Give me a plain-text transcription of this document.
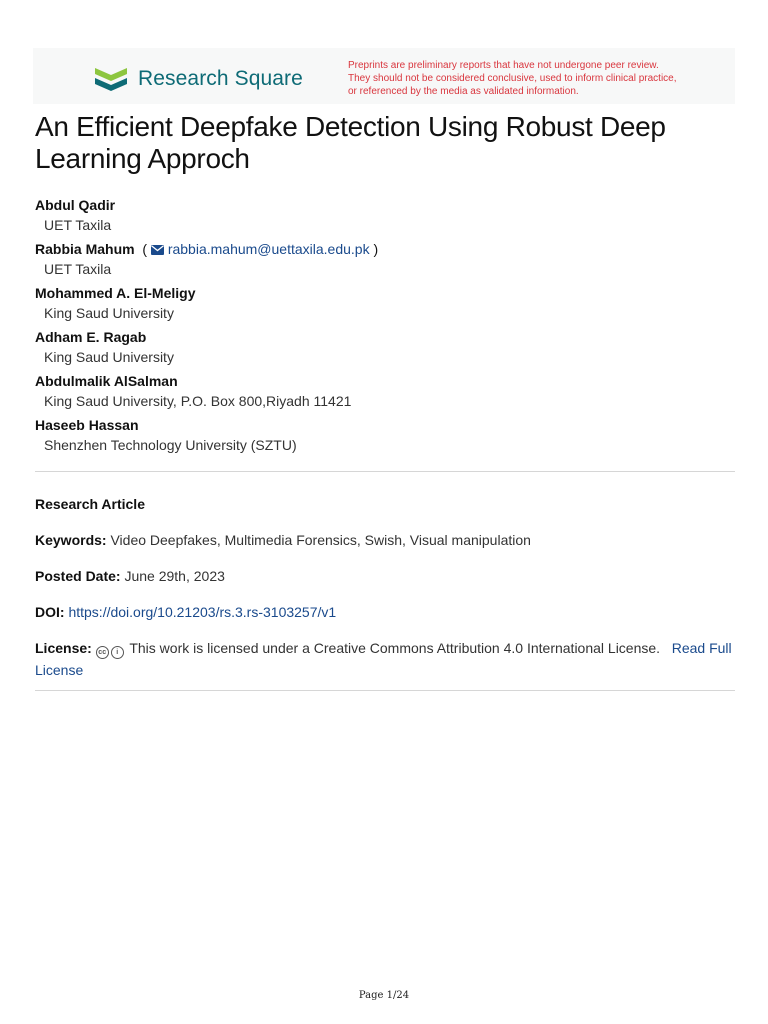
Research Square
Preprints are preliminary reports that have not undergone peer review.
They should not be considered conclusive, used to inform clinical practice,
or referenced by the media as validated information.
An Efficient Deepfake Detection Using Robust Deep Learning Approch
Abdul Qadir
UET Taxila
Rabbia Mahum  (  rabbia.mahum@uettaxila.edu.pk )
UET Taxila
Mohammed A. El-Meligy
King Saud University
Adham E. Ragab
King Saud University
Abdulmalik AlSalman
King Saud University, P.O. Box 800,Riyadh 11421
Haseeb Hassan
Shenzhen Technology University (SZTU)
Research Article
Keywords: Video Deepfakes, Multimedia Forensics, Swish, Visual manipulation
Posted Date: June 29th, 2023
DOI: https://doi.org/10.21203/rs.3.rs-3103257/v1
License: cc i This work is licensed under a Creative Commons Attribution 4.0 International License. Read Full License
Page 1/24
